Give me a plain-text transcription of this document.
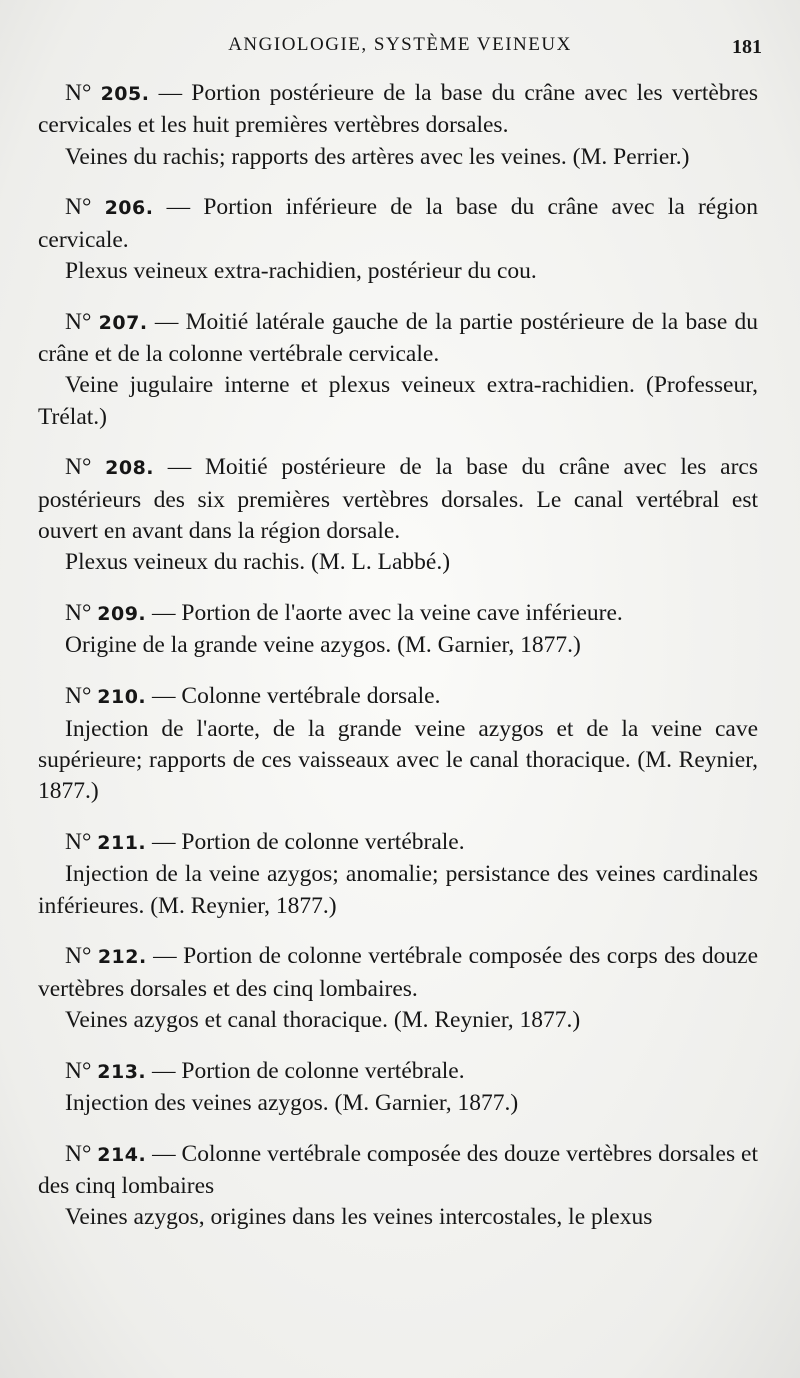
ANGIOLOGIE, SYSTÈME VEINEUX	181

N° 205. — Portion postérieure de la base du crâne avec les vertèbres cervicales et les huit premières vertèbres dorsales.

Veines du rachis; rapports des artères avec les veines. (M. Perrier.)

N° 206. — Portion inférieure de la base du crâne avec la région cervicale.

Plexus veineux extra-rachidien, postérieur du cou.

N° 207. — Moitié latérale gauche de la partie postérieure de la base du crâne et de la colonne vertébrale cervicale.

Veine jugulaire interne et plexus veineux extra-rachidien. (Professeur, Trélat.)

N° 208. — Moitié postérieure de la base du crâne avec les arcs postérieurs des six premières vertèbres dorsales. Le canal vertébral est ouvert en avant dans la région dorsale.

Plexus veineux du rachis. (M. L. Labbé.)

N° 209. — Portion de l'aorte avec la veine cave inférieure.

Origine de la grande veine azygos. (M. Garnier, 1877.)

N° 210. — Colonne vertébrale dorsale.

Injection de l'aorte, de la grande veine azygos et de la veine cave supérieure; rapports de ces vaisseaux avec le canal thoracique. (M. Reynier, 1877.)

N° 211. — Portion de colonne vertébrale.

Injection de la veine azygos; anomalie; persistance des veines cardinales inférieures. (M. Reynier, 1877.)

N° 212. — Portion de colonne vertébrale composée des corps des douze vertèbres dorsales et des cinq lombaires.

Veines azygos et canal thoracique. (M. Reynier, 1877.)

N° 213. — Portion de colonne vertébrale.

Injection des veines azygos. (M. Garnier, 1877.)

N° 214. — Colonne vertébrale composée des douze vertèbres dorsales et des cinq lombaires

Veines azygos, origines dans les veines intercostales, le plexus
